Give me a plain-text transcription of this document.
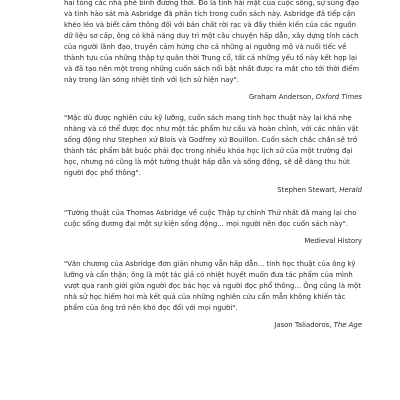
hai tòng các nhà phê bình đương thời. Đó là tình hài mặt của cuộc sống, sự súng đạo và tinh hào sát mà Asbridge đã phân tích trong cuốn sách này. Asbridge đã tiếp cận khéo léo và biết cảm thông đối với bản chất rời rạc và đầy thiên kiến của các nguồn dữ liệu sơ cấp, ông có khả năng duy trì một câu chuyện hấp dẫn, xây dựng tính cách của người lãnh đạo, truyền cảm hứng cho cả những ai ngưỡng mộ và nuối tiếc về thành tựu của những thập tự quân thời Trung cổ, tất cả những yếu tố này kết hợp lại và đã tạo nên một trong những cuốn sách nổi bật nhất được ra mắt cho tới thời điểm này trong làn sóng nhiệt tình với lịch sử hiện nay".

Graham Anderson, Oxford Times

"Mặc dù được nghiên cứu kỹ lưỡng, cuốn sách mang tính học thuật này lại khá nhẹ nhàng và có thể được đọc như một tác phẩm hư cấu và hoàn chỉnh, với các nhân vật sống động như Stephen xứ Blois và Godfrey xứ Bouillon. Cuốn sách chắc chắn sẽ trở thành tác phẩm bắt buộc phải đọc trong nhiều khóa học lịch sử của một trường đại học, nhưng nó cũng là một tường thuật hấp dẫn và sống động, sẽ dễ dàng thu hút người đọc phổ thông".

Stephen Stewart, Herald

"Tường thuật của Thomas Asbridge về cuộc Thập tự chinh Thứ nhất đã mang lại cho cuộc sống đương đại một sự kiện sống động... mọi người nên đọc cuốn sách này".

Medieval History

"Văn chương của Asbridge đơn giản nhưng vẫn hấp dẫn... tính học thuật của ông kỹ lưỡng và cẩn thận; ông là một tác giả có nhiệt huyết muốn đưa tác phẩm của mình vượt qua ranh giới giữa người đọc bác học và người đọc phổ thông... Ông cũng là một nhà sử học hiếm hoi mà kết quả của những nghiên cứu cẩn mẫn không khiến tác phẩm của ông trở nên khó đọc đối với mọi người".

Jason Taliadoros, The Age
